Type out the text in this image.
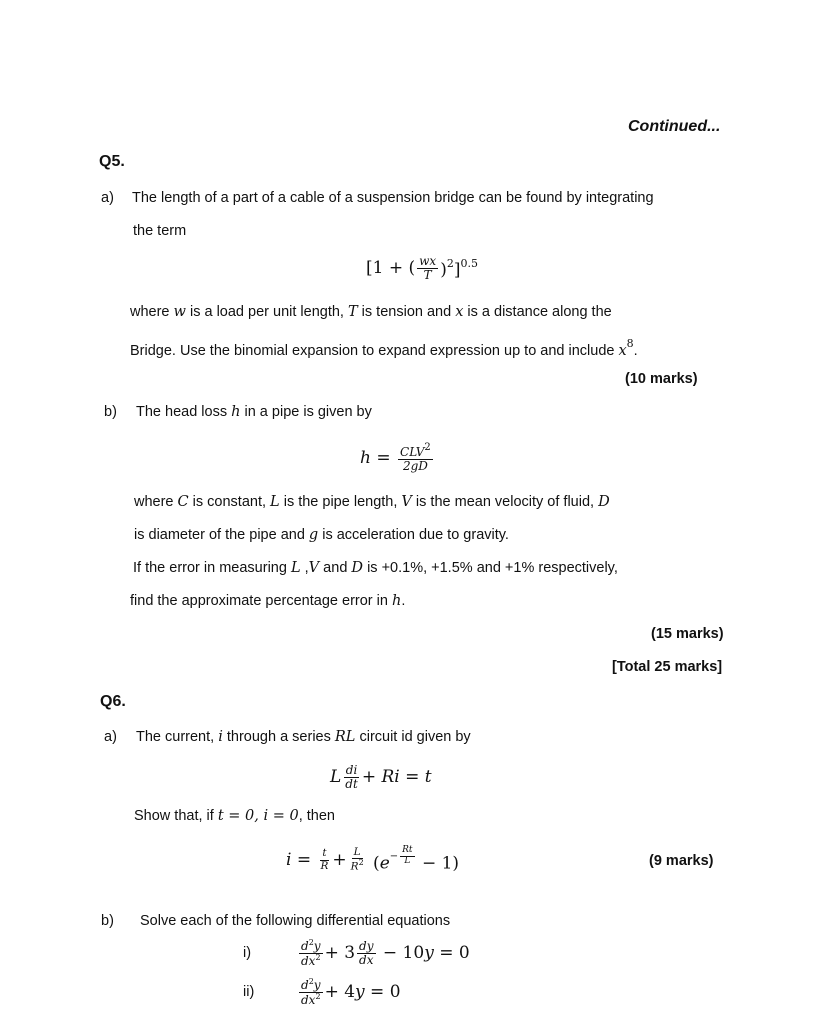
Continued...
Q5.
a) The length of a part of a cable of a suspension bridge can be found by integrating
the term
[1 + ( $\frac{wx}{T} )^2]^{0.5}$
where w is a load per unit length, T is tension and x is a distance along the
Bridge. Use the binomial expansion to expand expression up to and include $x^8$.
(10 marks)
b) The head loss h in a pipe is given by
$h = \frac{CLV^2}{2gD}$
where C is constant, L is the pipe length, V is the mean velocity of fluid, D
is diameter of the pipe and g is acceleration due to gravity.
If the error in measuring L ,V and D is +0.1%, +1.5% and +1% respectively,
find the approximate percentage error in h.
(15 marks)
[Total 25 marks]
Q6.
a) The current, i through a series RL circuit id given by
L $\frac{di}{dt} + Ri = t$
Show that, if t = 0, i = 0, then
$i = \frac{t}{R} + \frac{L}{R^2} (e^{- \frac{Rt}{L}} - 1)$	(9 marks)
b) Solve each of the following differential equations
i)	$\frac{d^2y}{dx^2} + 3 \frac{dy}{dx} - 10y = 0$
ii)	$\frac{d^2y}{dx^2} + 4y = 0$
